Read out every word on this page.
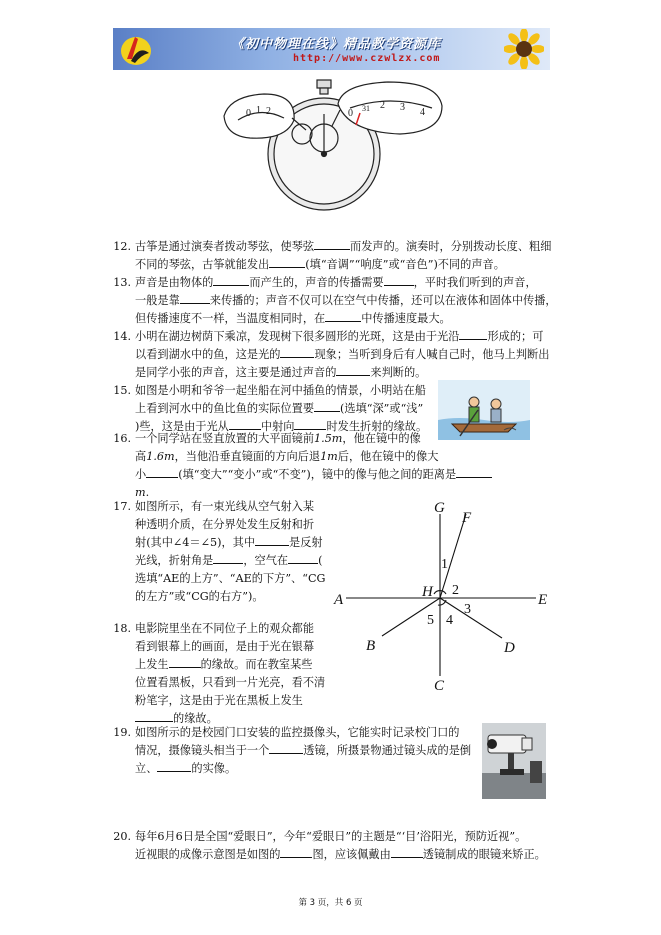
《初中物理在线》精品教学资源库
http://www.czwlzx.com
0 1 2	0 31 2 3 4
12. 古筝是通过演奏者拨动琴弦，使琴弦	而发声的。演奏时，分别拨动长度、粗细
不同的琴弦，古筝就能发出	(填“音调”“响度”或“音色”)不同的声音。
13. 声音是由物体的	而产生的，声音的传播需要	，平时我们听到的声音，
一般是靠	来传播的；声音不仅可以在空气中传播，还可以在液体和固体中传播，
但传播速度不一样，当温度相同时，在	中传播速度最大。
14. 小明在湖边树荫下乘凉，发现树下很多圆形的光斑，这是由于光沿	形成的；可
以看到湖水中的鱼，这是光的	现象；当听到身后有人喊自己时，他马上判断出
是同学小张的声音，这主要是通过声音的	来判断的。
15. 如图是小明和爷爷一起坐船在河中插鱼的情景，小明站在船
上看到河水中的鱼比鱼的实际位置要 (选填“深”或“浅”
)些，这是由于光从	中射向	时发生折射的缘故。
16. 一个同学站在竖直放置的大平面镜前1.5m，他在镜中的像
高1.6m，当他沿垂直镜面的方向后退1m后，他在镜中的像大
小	(填“变大”“变小”或“不变”)，镜中的像与他之间的距离是
m.
17. 如图所示，有一束光线从空气射入某
种透明介质，在分界处发生反射和折
射(其中∠4＝∠5)，其中	是反射
光线，折射角是	，空气在	(
选填“AE的上方”、“AE的下方”、“CG
的左方”或“CG的右方”)。
G
F
H	E
A
B
C
D
1
2
3
4
5
18. 电影院里坐在不同位子上的观众都能
看到银幕上的画面，是由于光在银幕
上发生	的缘故。而在教室某些
位置看黑板，只看到一片光亮，看不清
粉笔字，这是由于光在黑板上发生
的缘故。
19. 如图所示的是校园门口安装的监控摄像头，它能实时记录校门口的
情况，摄像镜头相当于一个	透镜，所摄景物通过镜头成的是倒
立、	的实像。
20. 每年6月6日是全国“爱眼日”，今年“爱眼日”的主题是“‘目’浴阳光，预防近视”。
近视眼的成像示意图是如图的	图，应该佩戴由	透镜制成的眼镜来矫正。
第 3 页，共 6 页
